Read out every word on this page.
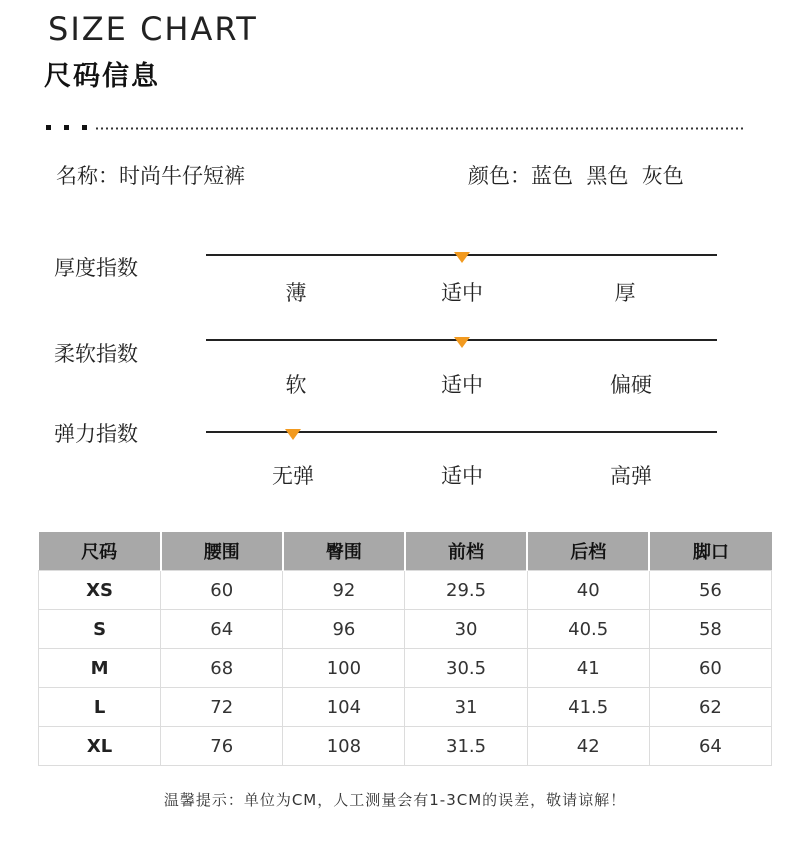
SIZE CHART
尺码信息
名称：时尚牛仔短裤	颜色：蓝色  黑色  灰色
厚度指数
薄	适中	厚
柔软指数
软	适中	偏硬
弹力指数
无弹	适中	高弹
尺码	腰围	臀围	前档	后档	脚口
XS	60	92	29.5	40	56
S	64	96	30	40.5	58
M	68	100	30.5	41	60
L	72	104	31	41.5	62
XL	76	108	31.5	42	64
温馨提示：单位为CM，人工测量会有1-3CM的误差，敬请谅解！
